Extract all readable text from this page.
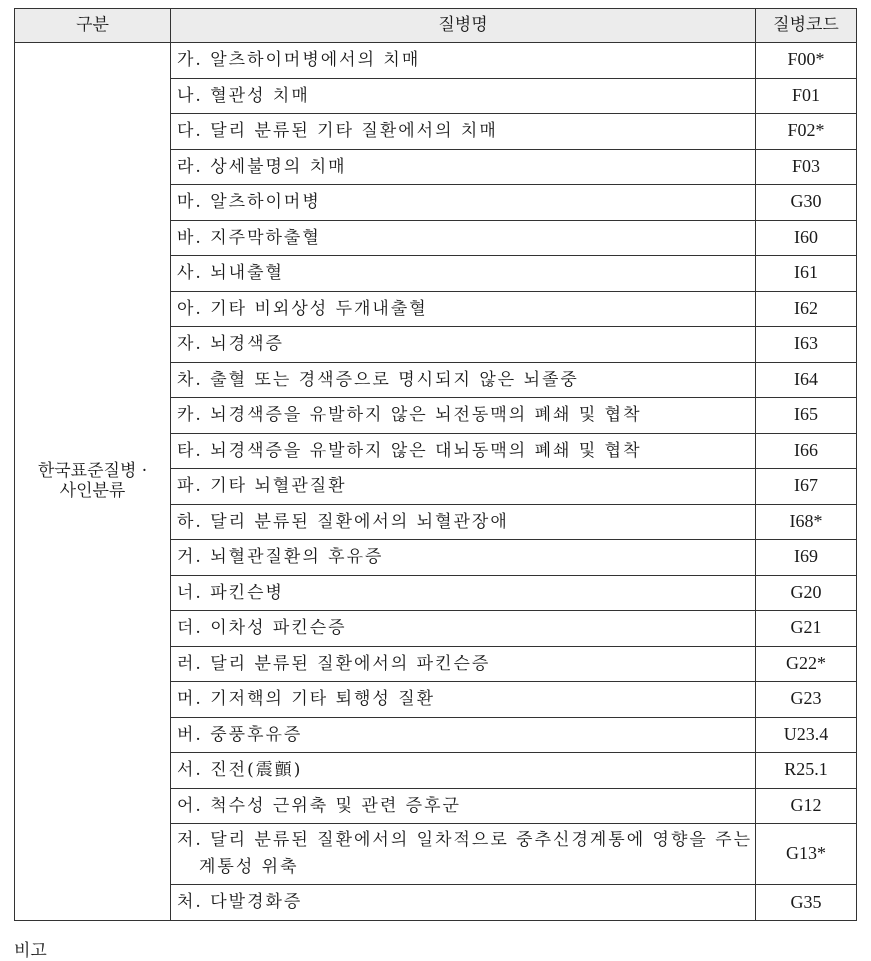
구분	질병명	질병코드
한국표준질병 ·
사인분류	가. 알츠하이머병에서의 치매	F00*
	나. 혈관성 치매	F01
	다. 달리 분류된 기타 질환에서의 치매	F02*
	라. 상세불명의 치매	F03
	마. 알츠하이머병	G30
	바. 지주막하출혈	I60
	사. 뇌내출혈	I61
	아. 기타 비외상성 두개내출혈	I62
	자. 뇌경색증	I63
	차. 출혈 또는 경색증으로 명시되지 않은 뇌졸중	I64
	카. 뇌경색증을 유발하지 않은 뇌전동맥의 폐쇄 및 협착	I65
	타. 뇌경색증을 유발하지 않은 대뇌동맥의 폐쇄 및 협착	I66
	파. 기타 뇌혈관질환	I67
	하. 달리 분류된 질환에서의 뇌혈관장애	I68*
	거. 뇌혈관질환의 후유증	I69
	너. 파킨슨병	G20
	더. 이차성 파킨슨증	G21
	러. 달리 분류된 질환에서의 파킨슨증	G22*
	머. 기저핵의 기타 퇴행성 질환	G23
	버. 중풍후유증	U23.4
	서. 진전(震顫)	R25.1
	어. 척수성 근위축 및 관련 증후군	G12
	저. 달리 분류된 질환에서의 일차적으로 중추신경계통에 영향을 주는 계통성 위축	G13*
	처. 다발경화증	G35
비고
